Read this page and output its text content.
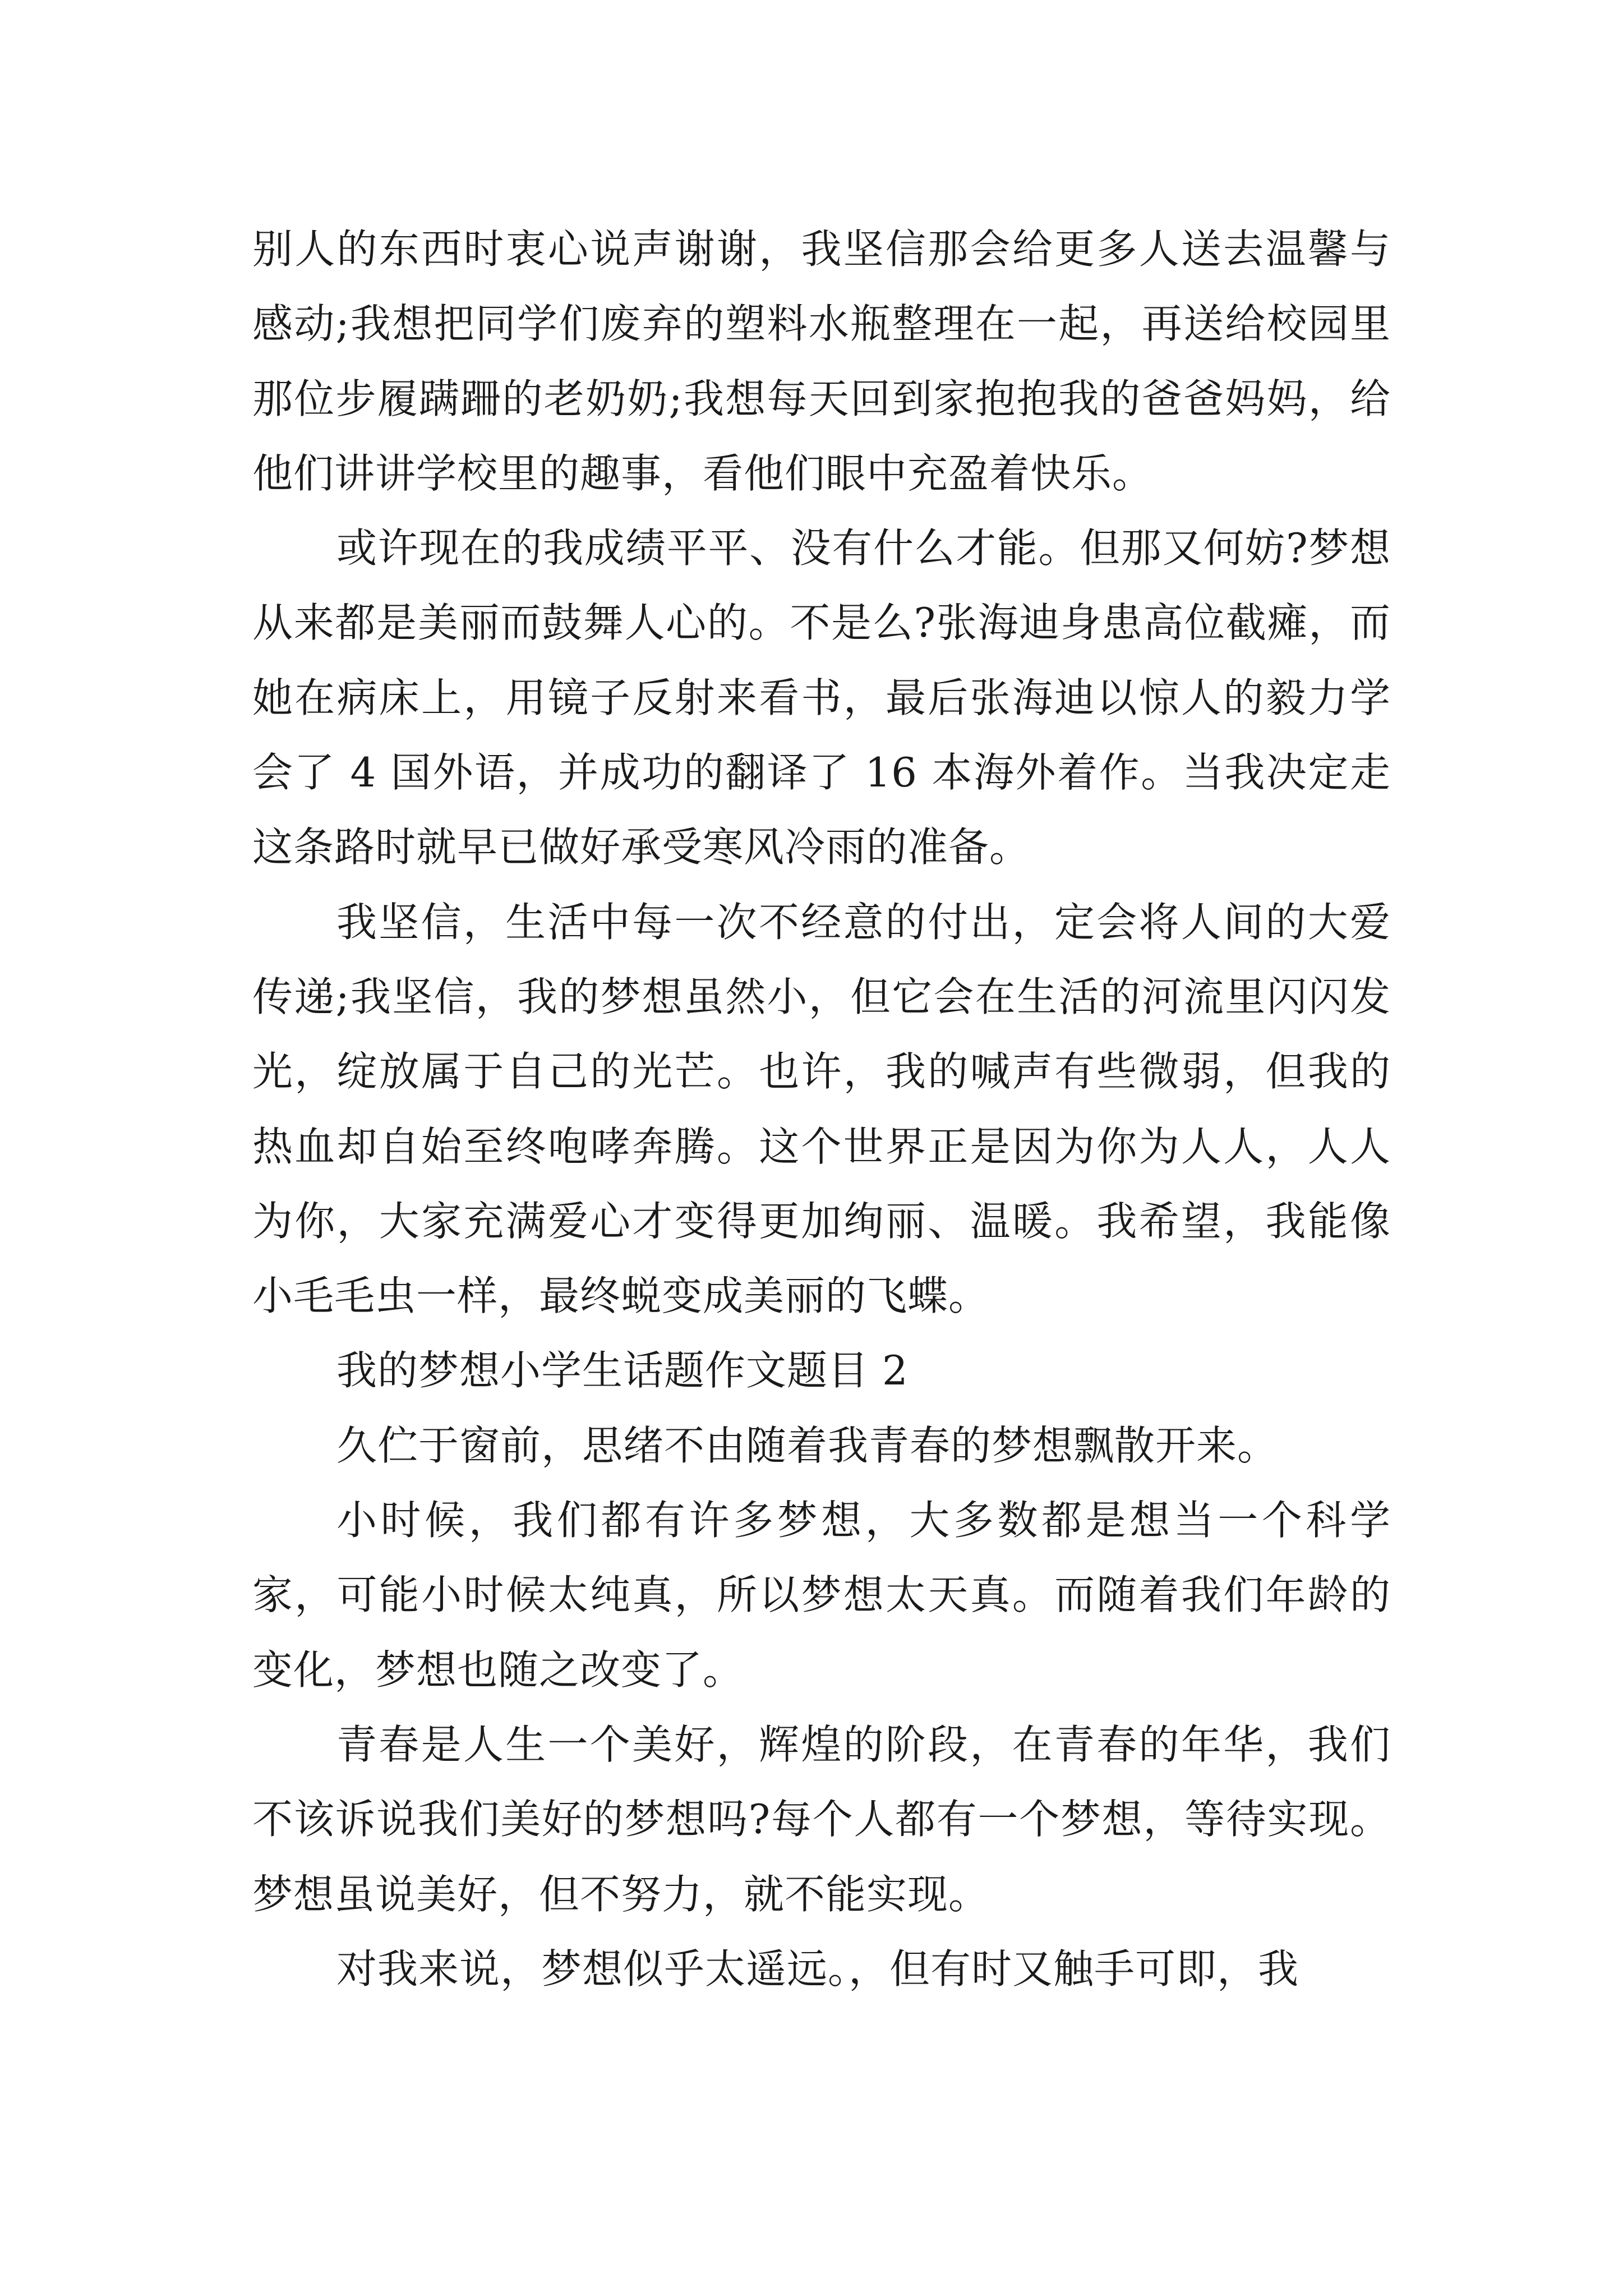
别人的东西时衷心说声谢谢，我坚信那会给更多人送去温馨与感动;我想把同学们废弃的塑料水瓶整理在一起，再送给校园里那位步履蹒跚的老奶奶;我想每天回到家抱抱我的爸爸妈妈，给他们讲讲学校里的趣事，看他们眼中充盈着快乐。

或许现在的我成绩平平、没有什么才能。但那又何妨?梦想从来都是美丽而鼓舞人心的。不是么?张海迪身患高位截瘫，而她在病床上，用镜子反射来看书，最后张海迪以惊人的毅力学会了 4 国外语，并成功的翻译了 16 本海外着作。当我决定走这条路时就早已做好承受寒风冷雨的准备。

我坚信，生活中每一次不经意的付出，定会将人间的大爱传递;我坚信，我的梦想虽然小，但它会在生活的河流里闪闪发光，绽放属于自己的光芒。也许，我的喊声有些微弱，但我的热血却自始至终咆哮奔腾。这个世界正是因为你为人人，人人为你，大家充满爱心才变得更加绚丽、温暖。我希望，我能像小毛毛虫一样，最终蜕变成美丽的飞蝶。

我的梦想小学生话题作文题目 2

久伫于窗前，思绪不由随着我青春的梦想飘散开来。

小时候，我们都有许多梦想，大多数都是想当一个科学家，可能小时候太纯真，所以梦想太天真。而随着我们年龄的变化，梦想也随之改变了。

青春是人生一个美好，辉煌的阶段，在青春的年华，我们不该诉说我们美好的梦想吗?每个人都有一个梦想，等待实现。梦想虽说美好，但不努力，就不能实现。

对我来说，梦想似乎太遥远。，但有时又触手可即，我
